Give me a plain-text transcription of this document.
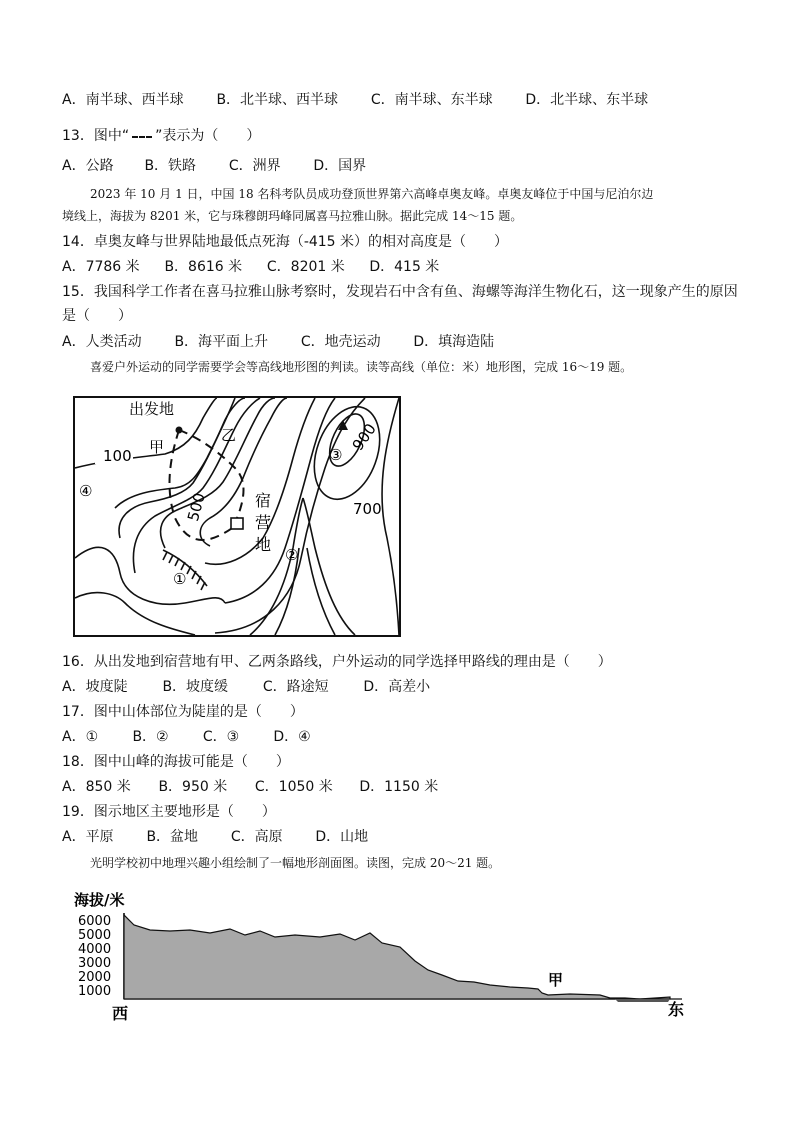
A．南半球、西半球 B．北半球、西半球 C．南半球、东半球 D．北半球、东半球
13．图中“ ”表示为（　　）
A．公路 B．铁路 C．洲界 D．国界
2023 年 10 月 1 日，中国 18 名科考队员成功登顶世界第六高峰卓奥友峰。卓奥友峰位于中国与尼泊尔边
境线上，海拔为 8201 米，它与珠穆朗玛峰同属喜马拉雅山脉。据此完成 14～15 题。
14．卓奥友峰与世界陆地最低点死海（-415 米）的相对高度是（　　）
A．7786 米 B．8616 米 C．8201 米 D．415 米
15．我国科学工作者在喜马拉雅山脉考察时，发现岩石中含有鱼、海螺等海洋生物化石，这一现象产生的原因
是（　　）
A．人类活动 B．海平面上升 C．地壳运动 D．填海造陆
喜爱户外运动的同学需要学会等高线地形图的判读。读等高线（单位：米）地形图，完成 16～19 题。
出发地
甲
乙
100
500	700
900
宿
营
地
①
②
③
④
16．从出发地到宿营地有甲、乙两条路线，户外运动的同学选择甲路线的理由是（　　）
A．坡度陡 B．坡度缓 C．路途短 D．高差小
17．图中山体部位为陡崖的是（　　）
A．① B．② C．③ D．④
18．图中山峰的海拔可能是（　　）
A．850 米 B．950 米 C．1050 米 D．1150 米
19．图示地区主要地形是（　　）
A．平原 B．盆地 C．高原 D．山地
光明学校初中地理兴趣小组绘制了一幅地形剖面图。读图，完成 20～21 题。
海拔/米
6000
5000
4000
3000
2000
1000
甲
西	东
